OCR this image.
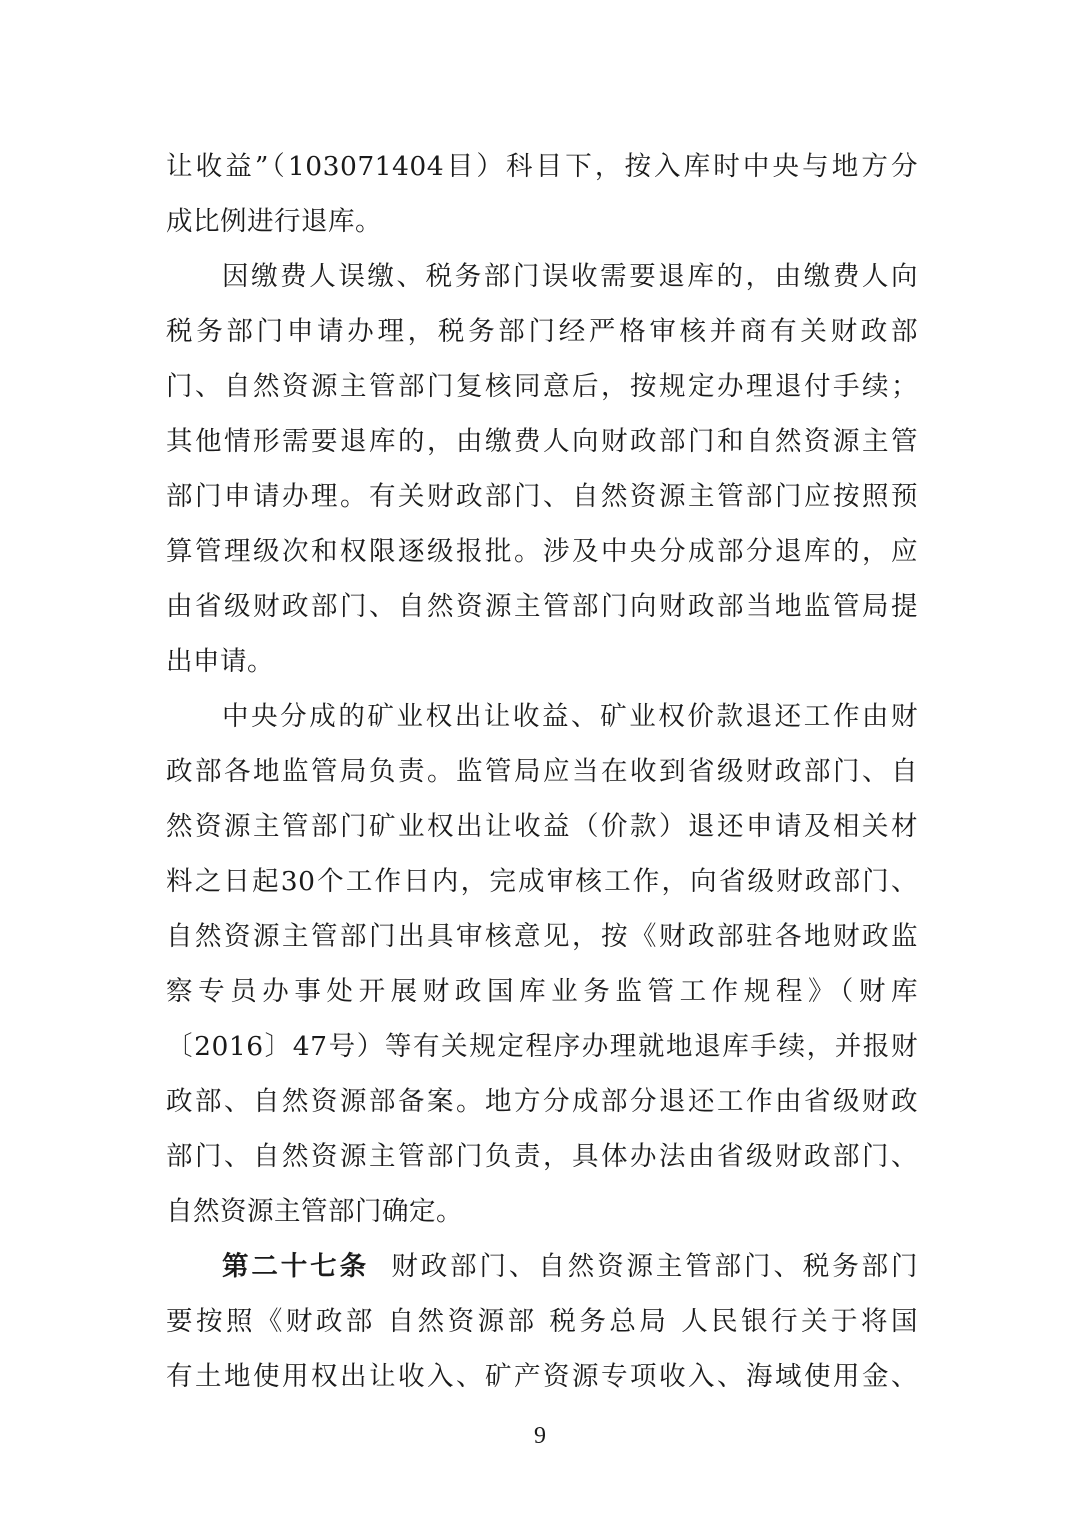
让收益”（103071404目）科目下，按入库时中央与地方分
成比例进行退库。
因缴费人误缴、税务部门误收需要退库的，由缴费人向
税务部门申请办理，税务部门经严格审核并商有关财政部
门、自然资源主管部门复核同意后，按规定办理退付手续；
其他情形需要退库的，由缴费人向财政部门和自然资源主管
部门申请办理。有关财政部门、自然资源主管部门应按照预
算管理级次和权限逐级报批。涉及中央分成部分退库的，应
由省级财政部门、自然资源主管部门向财政部当地监管局提
出申请。
中央分成的矿业权出让收益、矿业权价款退还工作由财
政部各地监管局负责。监管局应当在收到省级财政部门、自
然资源主管部门矿业权出让收益（价款）退还申请及相关材
料之日起30个工作日内，完成审核工作，向省级财政部门、
自然资源主管部门出具审核意见，按《财政部驻各地财政监
察专员办事处开展财政国库业务监管工作规程》（财库
〔2016〕47号）等有关规定程序办理就地退库手续，并报财
政部、自然资源部备案。地方分成部分退还工作由省级财政
部门、自然资源主管部门负责，具体办法由省级财政部门、
自然资源主管部门确定。
第二十七条 财政部门、自然资源主管部门、税务部门
要按照《财政部 自然资源部 税务总局 人民银行关于将国
有土地使用权出让收入、矿产资源专项收入、海域使用金、
9
